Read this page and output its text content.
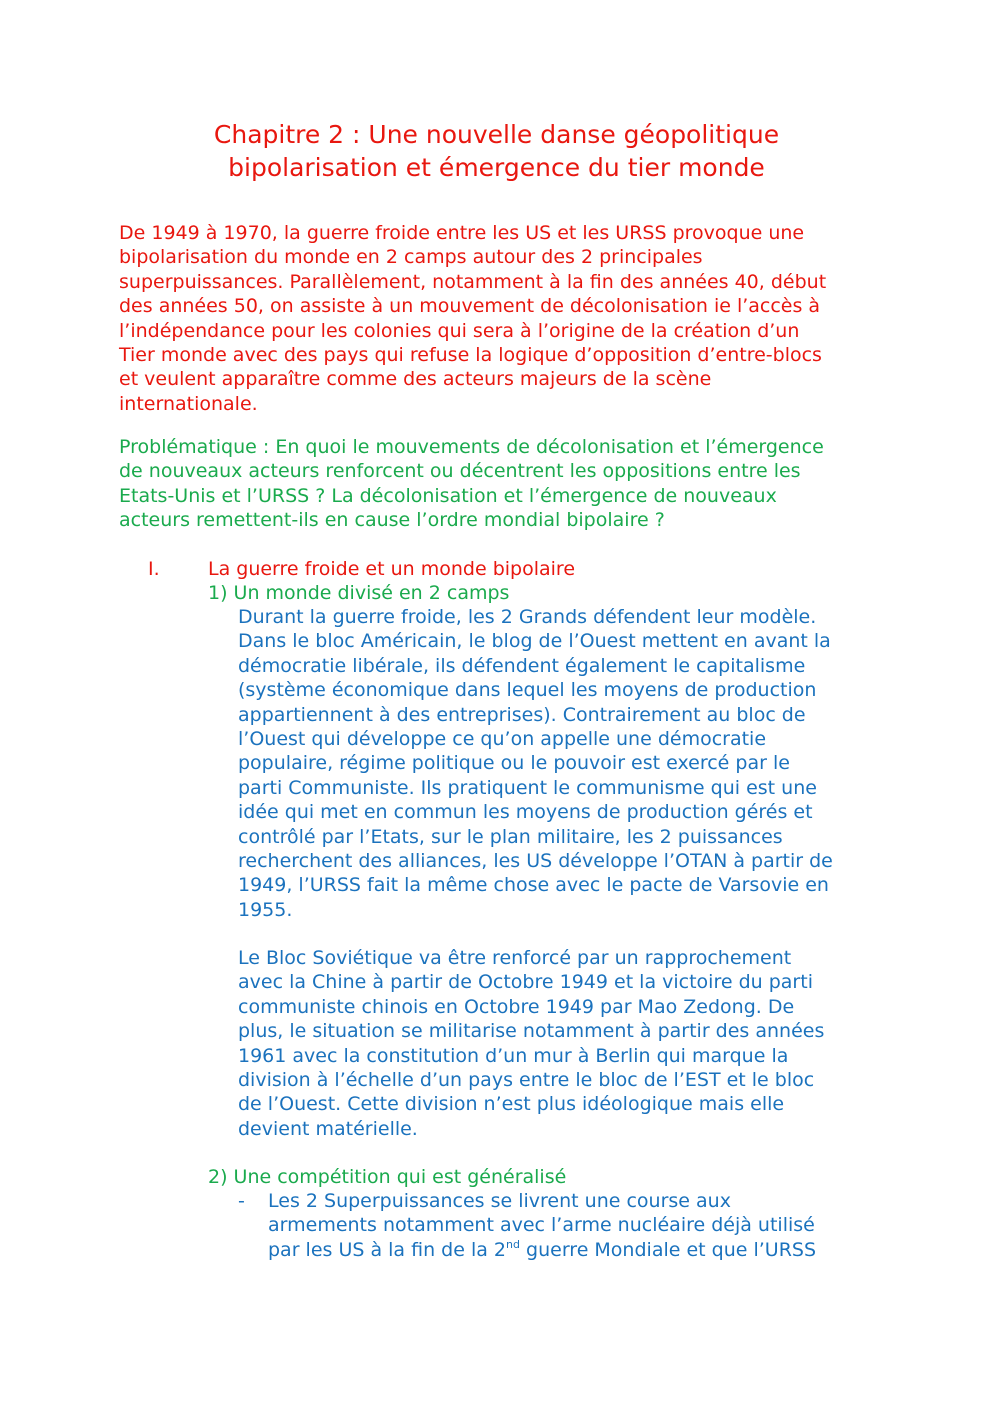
Chapitre 2 : Une nouvelle danse géopolitique
bipolarisation et émergence du tier monde

De 1949 à 1970, la guerre froide entre les US et les URSS provoque une
bipolarisation du monde en 2 camps autour des 2 principales
superpuissances. Parallèlement, notamment à la fin des années 40, début
des années 50, on assiste à un mouvement de décolonisation ie l’accès à
l’indépendance pour les colonies qui sera à l’origine de la création d’un
Tier monde avec des pays qui refuse la logique d’opposition d’entre-blocs
et veulent apparaître comme des acteurs majeurs de la scène
internationale.

Problématique : En quoi le mouvements de décolonisation et l’émergence
de nouveaux acteurs renforcent ou décentrent les oppositions entre les
Etats-Unis et l’URSS ? La décolonisation et l’émergence de nouveaux
acteurs remettent-ils en cause l’ordre mondial bipolaire ?

I.	La guerre froide et un monde bipolaire
1) Un monde divisé en 2 camps
Durant la guerre froide, les 2 Grands défendent leur modèle.
Dans le bloc Américain, le blog de l’Ouest mettent en avant la
démocratie libérale, ils défendent également le capitalisme
(système économique dans lequel les moyens de production
appartiennent à des entreprises). Contrairement au bloc de
l’Ouest qui développe ce qu’on appelle une démocratie
populaire, régime politique ou le pouvoir est exercé par le
parti Communiste. Ils pratiquent le communisme qui est une
idée qui met en commun les moyens de production gérés et
contrôlé par l’Etats, sur le plan militaire, les 2 puissances
recherchent des alliances, les US développe l’OTAN à partir de
1949, l’URSS fait la même chose avec le pacte de Varsovie en
1955.
Le Bloc Soviétique va être renforcé par un rapprochement
avec la Chine à partir de Octobre 1949 et la victoire du parti
communiste chinois en Octobre 1949 par Mao Zedong. De
plus, le situation se militarise notamment à partir des années
1961 avec la constitution d’un mur à Berlin qui marque la
division à l’échelle d’un pays entre le bloc de l’EST et le bloc
de l’Ouest. Cette division n’est plus idéologique mais elle
devient matérielle.
2) Une compétition qui est généralisé
- Les 2 Superpuissances se livrent une course aux
armements notamment avec l’arme nucléaire déjà utilisé
par les US à la fin de la 2nd guerre Mondiale et que l’URSS
